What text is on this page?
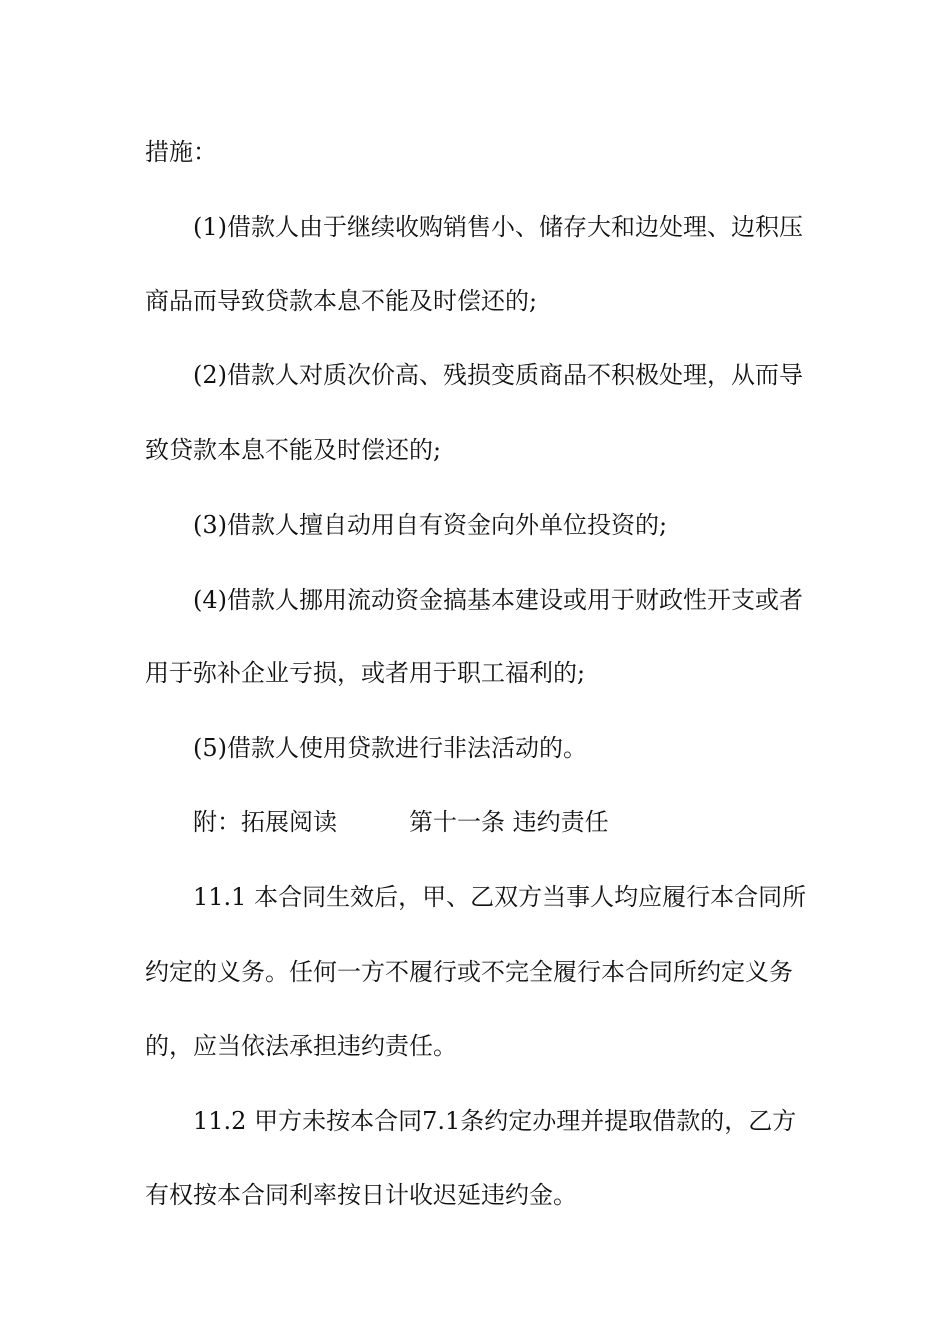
措施：
(1)借款人由于继续收购销售小、储存大和边处理、边积压
商品而导致贷款本息不能及时偿还的;
(2)借款人对质次价高、残损变质商品不积极处理，从而导
致贷款本息不能及时偿还的;
(3)借款人擅自动用自有资金向外单位投资的;
(4)借款人挪用流动资金搞基本建设或用于财政性开支或者
用于弥补企业亏损，或者用于职工福利的;
(5)借款人使用贷款进行非法活动的。
附：拓展阅读　　　第十一条 违约责任
11.1 本合同生效后，甲、乙双方当事人均应履行本合同所
约定的义务。任何一方不履行或不完全履行本合同所约定义务
的，应当依法承担违约责任。
11.2 甲方未按本合同7.1条约定办理并提取借款的，乙方
有权按本合同利率按日计收迟延违约金。
